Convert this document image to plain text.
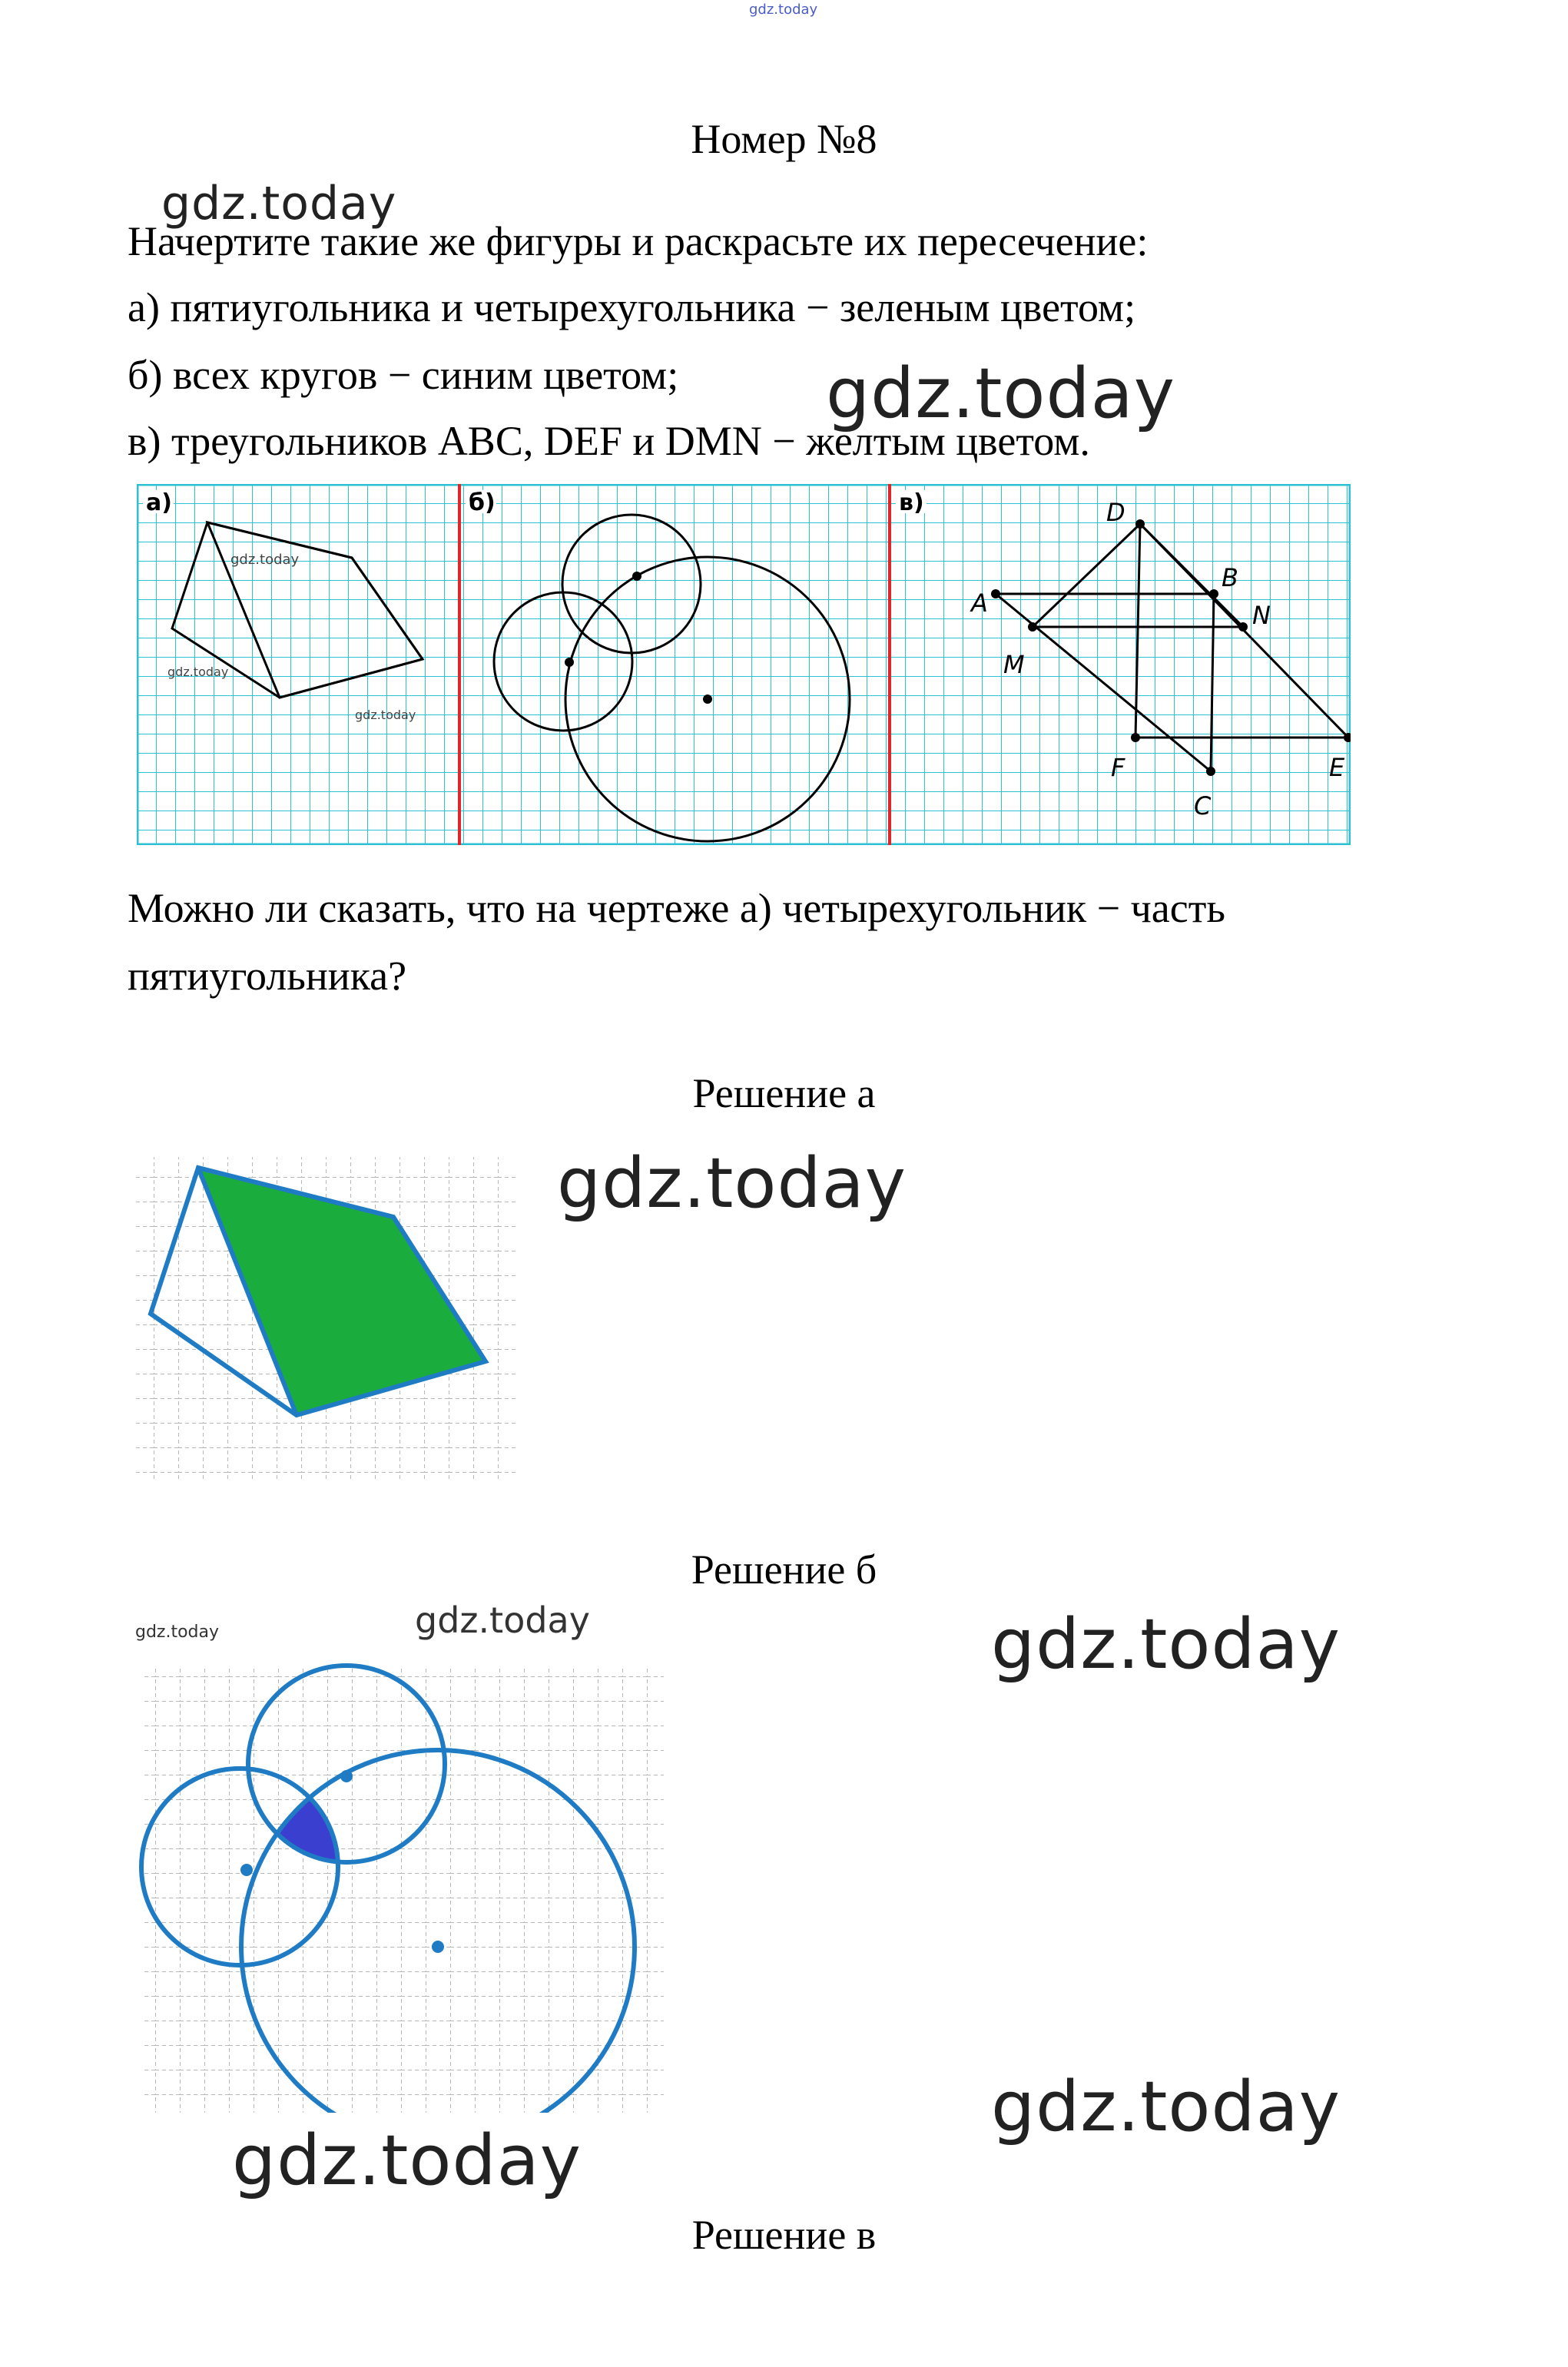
gdz.today
Номер №8
gdz.today
Начертите такие же фигуры и раскрасьте их пересечение:
а) пятиугольника и четырехугольника − зеленым цветом;
б) всех кругов − синим цветом;
в) треугольников ABC, DEF и DMN − желтым цветом.
gdz.today
а)	б)	в)
gdz.today
gdz.today
gdz.today
D
B
A	N
M
F
C
E
Можно ли сказать, что на чертеже а) четырехугольник − часть
пятиугольника?
Решение а
gdz.today
Решение б
gdz.today
gdz.today	gdz.today
gdz.today
gdz.today
Решение в
